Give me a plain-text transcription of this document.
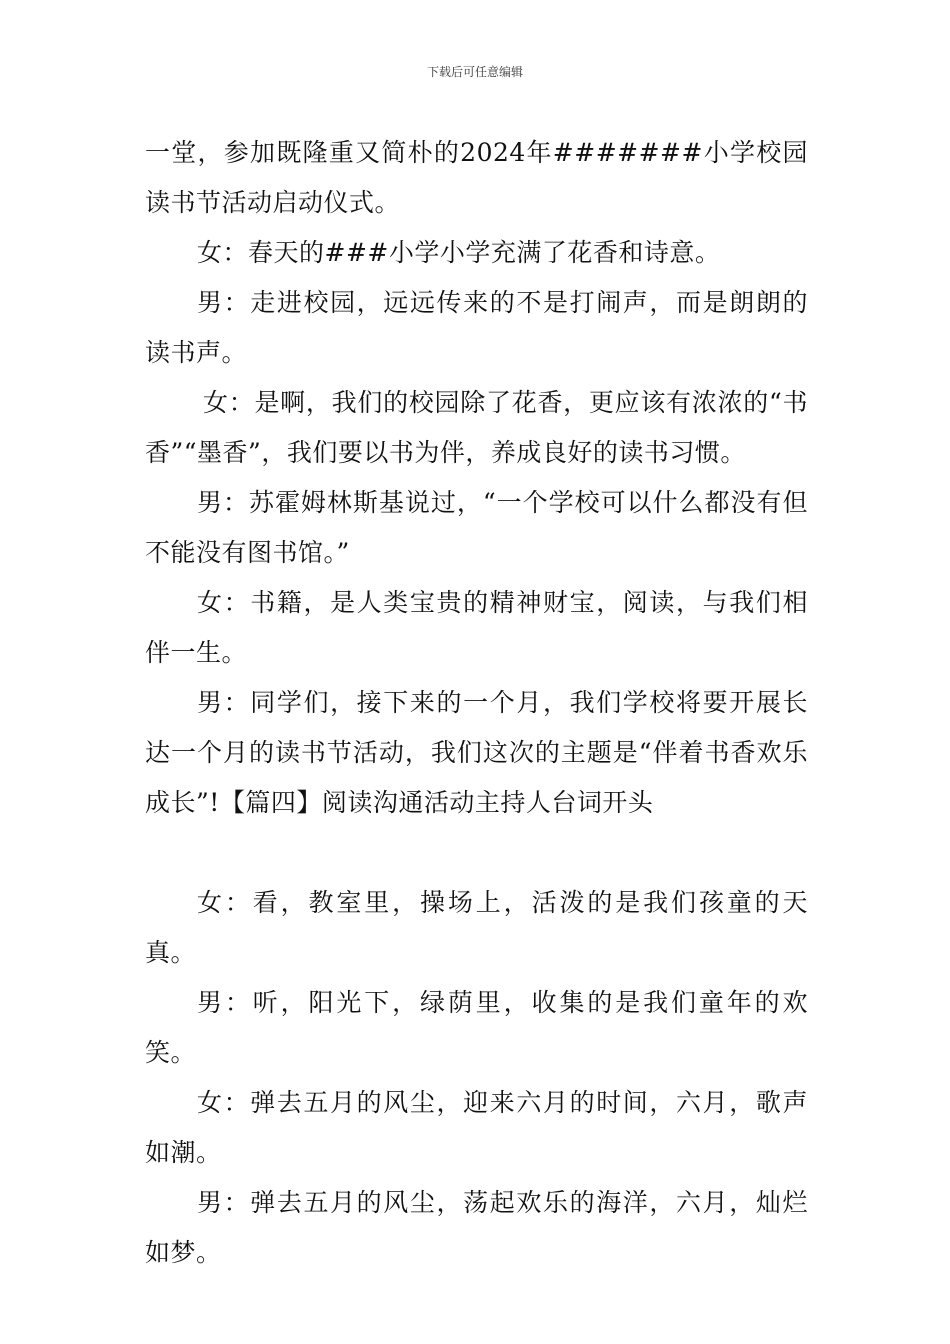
下载后可任意编辑

一堂，参加既隆重又简朴的2024年#######小学校园读书节活动启动仪式。

女：春天的###小学小学充满了花香和诗意。

男：走进校园，远远传来的不是打闹声，而是朗朗的读书声。

女：是啊，我们的校园除了花香，更应该有浓浓的“书香”“墨香”，我们要以书为伴，养成良好的读书习惯。

男：苏霍姆林斯基说过，“一个学校可以什么都没有但不能没有图书馆。”

女：书籍，是人类宝贵的精神财宝，阅读，与我们相伴一生。

男：同学们，接下来的一个月，我们学校将要开展长达一个月的读书节活动，我们这次的主题是“伴着书香欢乐成长”!【篇四】阅读沟通活动主持人台词开头

女：看，教室里，操场上，活泼的是我们孩童的天真。

男：听，阳光下，绿荫里，收集的是我们童年的欢笑。

女：弹去五月的风尘，迎来六月的时间，六月，歌声如潮。

男：弹去五月的风尘，荡起欢乐的海洋，六月，灿烂如梦。
